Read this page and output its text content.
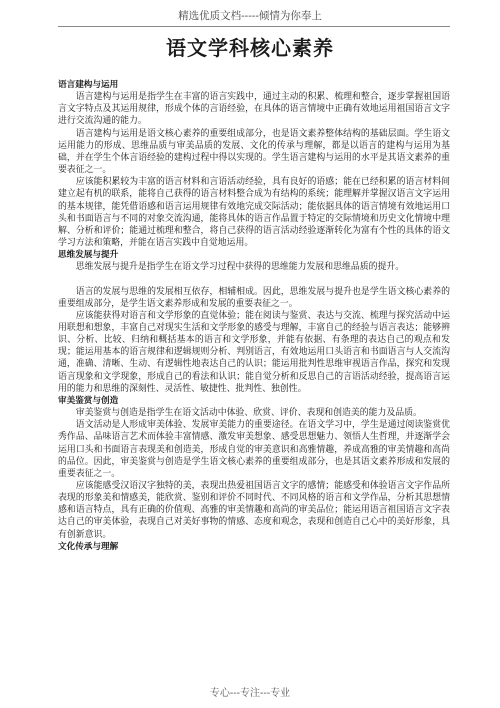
精选优质文档-----倾情为你奉上
语文学科核心素养
语言建构与运用
语言建构与运用是指学生在丰富的语言实践中，通过主动的积累、梳理和整合，逐步掌握祖国语言文字特点及其运用规律，形成个体的言语经验，在具体的语言情境中正确有效地运用祖国语言文字进行交流沟通的能力。
语言建构与运用是语文核心素养的重要组成部分，也是语文素养整体结构的基础层面。学生语文运用能力的形成、思维品质与审美品质的发展、文化的传承与理解，都是以语言的建构与运用为基础，并在学生个体言语经验的建构过程中得以实现的。学生语言建构与运用的水平是其语文素养的重要表征之一。
应该能积累较为丰富的语言材料和言语活动经验，具有良好的语感；能在已经积累的语言材料间建立起有机的联系，能将自己获得的语言材料整合成为有结构的系统；能理解并掌握汉语言文字运用的基本规律，能凭借语感和语言运用规律有效地完成交际活动；能依据具体的语言情境有效地运用口头和书面语言与不同的对象交流沟通，能将具体的语言作品置于特定的交际情境和历史文化情境中理解、分析和评价；能通过梳理和整合，将自己获得的语言活动经验逐渐转化为富有个性的具体的语文学习方法和策略，并能在语言实践中自觉地运用。
思维发展与提升
思维发展与提升是指学生在语文学习过程中获得的思维能力发展和思维品质的提升。
语言的发展与思维的发展相互依存，相辅相成。因此，思维发展与提升也是学生语文核心素养的重要组成部分，是学生语文素养形成和发展的重要表征之一。
应该能获得对语言和文学形象的直觉体验；能在阅读与鉴赏、表达与交流、梳理与探究活动中运用联想和想象，丰富自己对现实生活和文学形象的感受与理解，丰富自己的经验与语言表达；能够辨识、分析、比较、归纳和概括基本的语言和文学形象，并能有依据、有条理的表达自己的观点和发现；能运用基本的语言规律和逻辑规则分析、判别语言，有效地运用口头语言和书面语言与人交流沟通，准确、清晰、生动、有逻辑性地表达自己的认识；能运用批判性思维审视语言作品，探究和发现语言现象和文学现象，形成自己的看法和认识；能自觉分析和反思自己的言语活动经验，提高语言运用的能力和思维的深刻性、灵活性、敏捷性、批判性、独创性。
审美鉴赏与创造
审美鉴赏与创造是指学生在语文活动中体验、欣赏、评价、表现和创造美的能力及品质。
语文活动是人形成审美体验、发展审美能力的重要途径。在语文学习中，学生是通过阅读鉴赏优秀作品、品味语言艺术而体验丰富情感、激发审美想象、感受思想魅力、领悟人生哲理，并逐渐学会运用口头和书面语言表现美和创造美，形成自觉的审美意识和高雅情趣，养成高雅的审美情趣和高尚的品位。因此，审美鉴赏与创造是学生语文核心素养的重要组成部分，也是其语文素养形成和发展的重要表征之一。
应该能感受汉语汉字独特的美，表现出热爱祖国语言文字的感情；能感受和体验语言文字作品所表现的形象美和情感美，能欣赏、鉴别和评价不同时代、不同风格的语言和文学作品，分析其思想情感和语言特点，具有正确的价值观、高雅的审美情趣和高尚的审美品位；能运用语言祖国语言文字表达自己的审美体验，表现自己对美好事物的情感、态度和观念，表现和创造自己心中的美好形象，具有创新意识。
文化传承与理解
专心---专注---专业
